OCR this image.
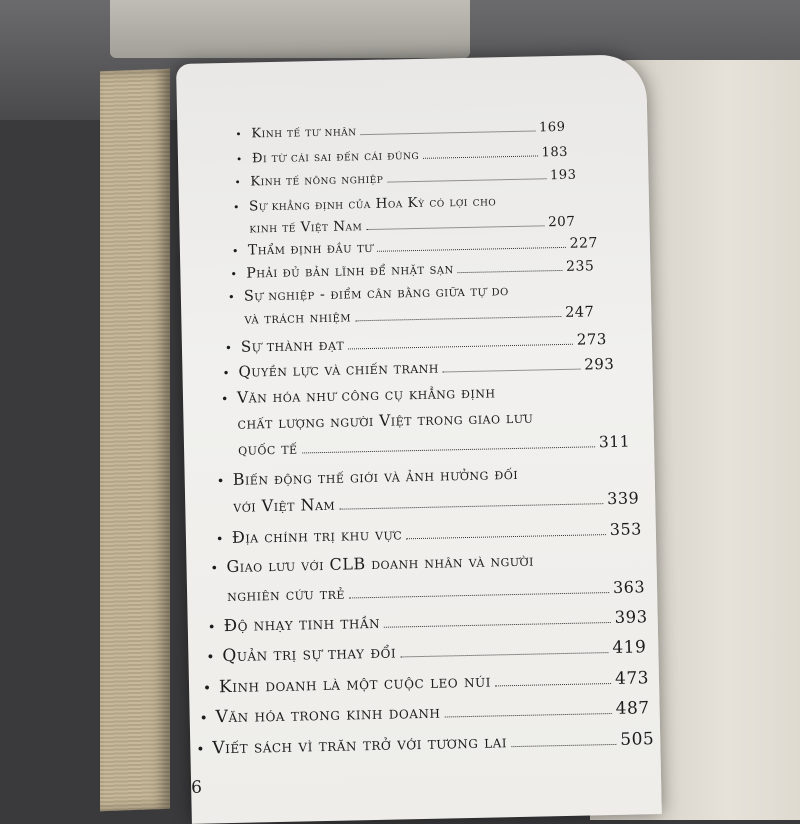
• Kinh tế tư nhân	169
• Đi từ cái sai đến cái đúng	183
• Kinh tế nông nghiệp	193
• Sự khẳng định của Hoa Kỳ có lợi cho
kinh tế Việt Nam	207
• Thẩm định đầu tư	227
• Phải đủ bản lĩnh để nhặt sạn	235
• Sự nghiệp - điểm cân bằng giữa tự do
và trách nhiệm	247
• Sự thành đạt	273
• Quyền lực và chiến tranh	293
• Văn hóa như công cụ khẳng định
chất lượng người Việt trong giao lưu
quốc tế	311
• Biến động thế giới và ảnh hưởng đối
với Việt Nam	339
• Địa chính trị khu vực	353
• Giao lưu với CLB doanh nhân và người
nghiên cứu trẻ	363
• Độ nhạy tinh thần	393
• Quản trị sự thay đổi	419
• Kinh doanh là một cuộc leo núi	473
• Văn hóa trong kinh doanh	487
• Viết sách vì trăn trở với tương lai	505
6
